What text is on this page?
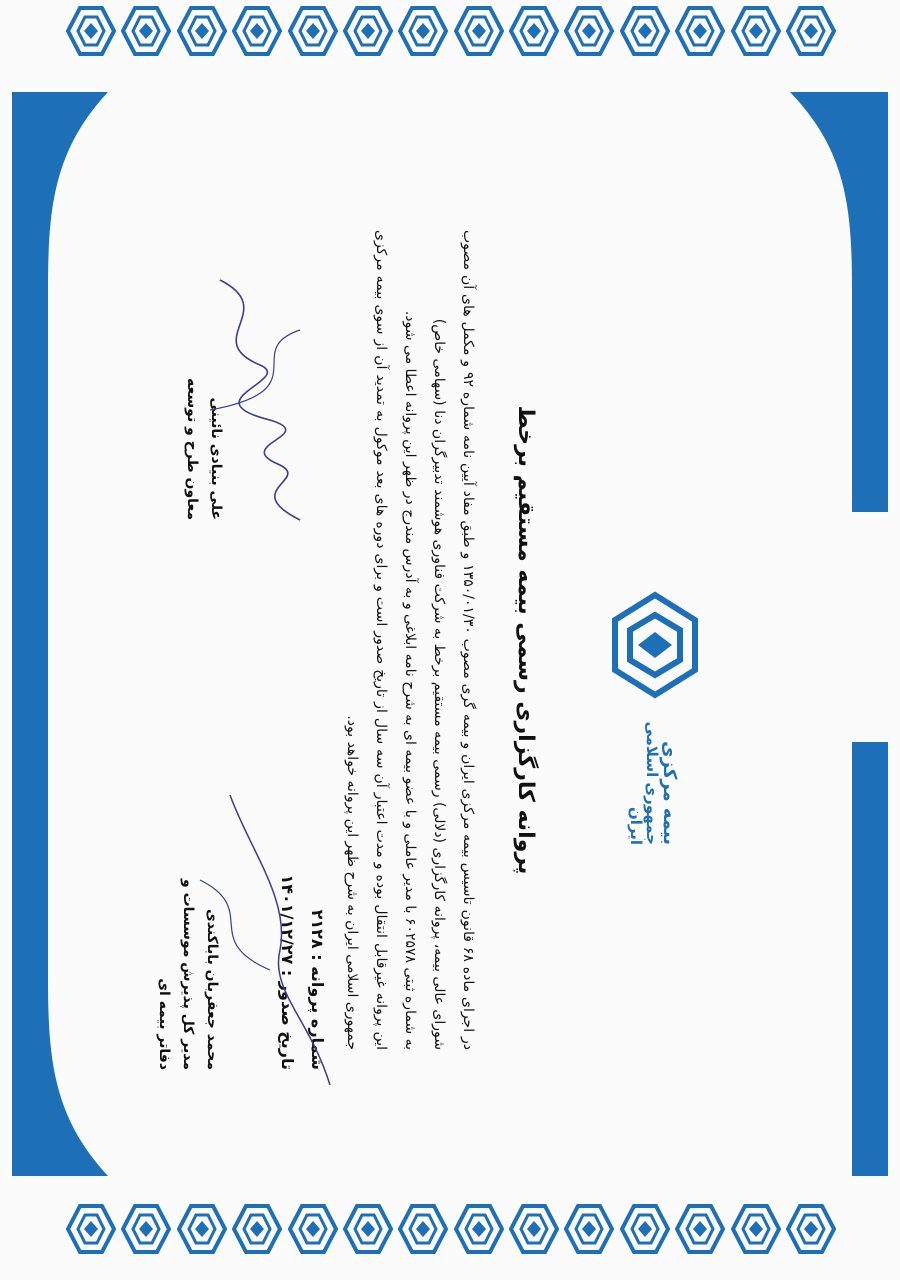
بیمه مرکزی
جمهوری اسلامی ایران
پروانه کارگزاری رسمی بیمه مستقیم برخط
در اجرای ماده ۶۸ قانون تاسیس بیمه مرکزی ایران و بیمه گری مصوب ۱۳۵۰/۰۱/۳۰ و طبق مفاد آیین نامه شماره ۹۲ و مکمل های آن مصوب شورای عالی بیمه، پروانه کارگزاری (دلالی) رسمی بیمه مستقیم برخط به شرکت فناوری هوشمند تدبیرگران دنا (سهامی خاص)
به شماره ثبتی ۶۰۲۵۷۸ با مدیر عاملی و با عضو بیمه ای به شرح نامه ابلاغی و به آدرس مندرج در ظهر این پروانه اعطا می شود.
این پروانه غیرقابل انتقال بوده و مدت اعتبار آن سه سال از تاریخ صدور است و برای دوره های بعد موکول به تمدید آن از سوی بیمه مرکزی جمهوری اسلامی ایران به شرح ظهر این پروانه خواهد بود.
شماره پروانه : ۲۱۲۸
تاریخ صدور : ۱۴۰۱/۱۲/۲۷
علی بنیادی نائینی
معاون طرح و توسعه
محمد جعفربان باباکندی
مدیر کل پذیرش موسسات و
دفاتر بیمه ای
